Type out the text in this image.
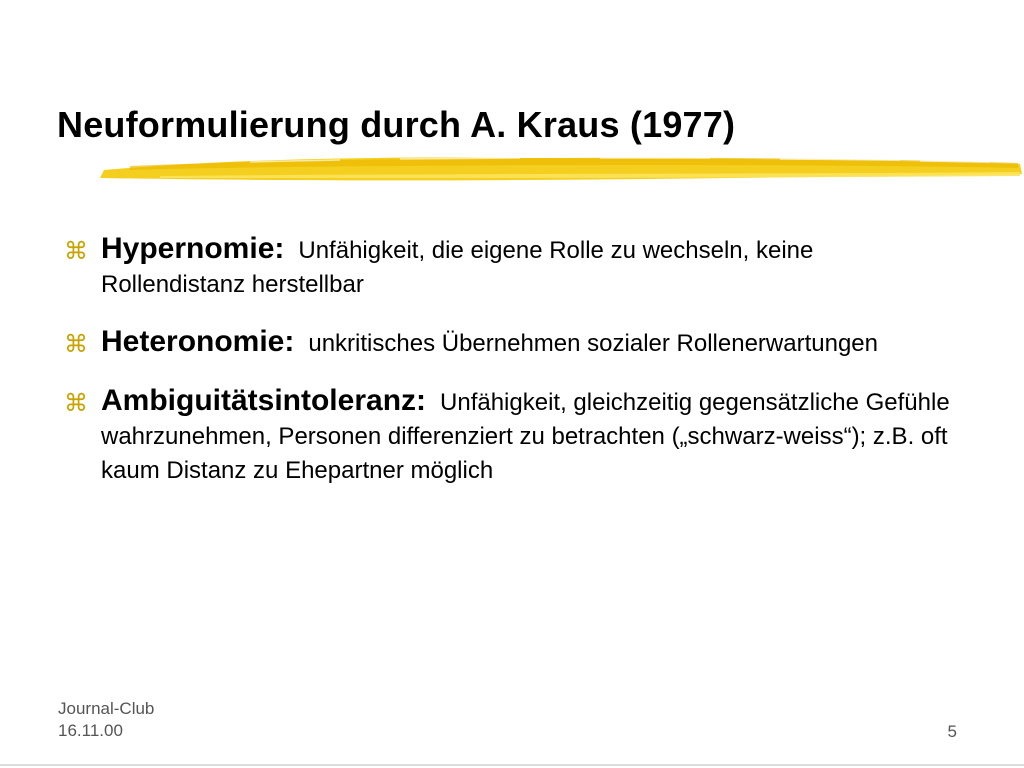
Neuformulierung durch A. Kraus (1977)
⌘ Hypernomie: Unfähigkeit, die eigene Rolle zu wechseln, keine Rollendistanz herstellbar
⌘ Heteronomie: unkritisches Übernehmen sozialer Rollenerwartungen
⌘ Ambiguitätsintoleranz: Unfähigkeit, gleichzeitig gegensätzliche Gefühle wahrzunehmen, Personen differenziert zu betrachten („schwarz-weiss“); z.B. oft kaum Distanz zu Ehepartner möglich
Journal-Club
16.11.00	5
